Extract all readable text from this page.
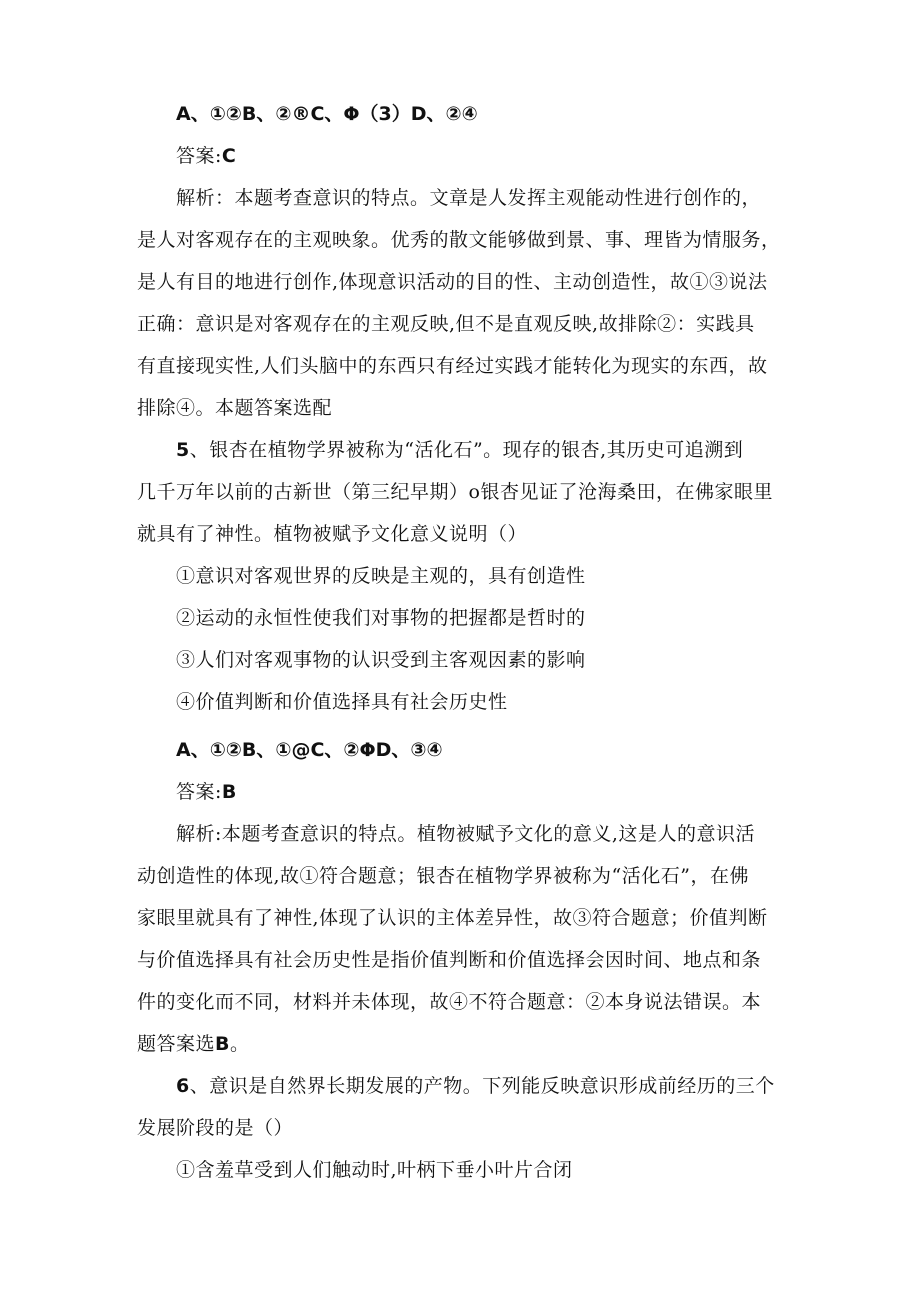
A、①②B、②®C、Φ（3）D、②④
答案:C
解析：本题考查意识的特点。文章是人发挥主观能动性进行创作的，
是人对客观存在的主观映象。优秀的散文能够做到景、事、理皆为情服务，
是人有目的地进行创作,体现意识活动的目的性、主动创造性，故①③说法
正确：意识是对客观存在的主观反映,但不是直观反映,故排除②：实践具
有直接现实性,人们头脑中的东西只有经过实践才能转化为现实的东西，故
排除④。本题答案选配
5、银杏在植物学界被称为“活化石”。现存的银杏,其历史可追溯到
几千万年以前的古新世（第三纪早期）o银杏见证了沧海桑田，在佛家眼里
就具有了神性。植物被赋予文化意义说明（）
①意识对客观世界的反映是主观的，具有创造性
②运动的永恒性使我们对事物的把握都是哲时的
③人们对客观事物的认识受到主客观因素的影响
④价值判断和价值选择具有社会历史性
A、①②B、①@C、②ΦD、③④
答案:B
解析:本题考查意识的特点。植物被赋予文化的意义,这是人的意识活
动创造性的体现,故①符合题意；银杏在植物学界被称为“活化石”，在佛
家眼里就具有了神性,体现了认识的主体差异性，故③符合题意；价值判断
与价值选择具有社会历史性是指价值判断和价值选择会因时间、地点和条
件的变化而不同，材料并未体现，故④不符合题意：②本身说法错误。本
题答案选B。
6、意识是自然界长期发展的产物。下列能反映意识形成前经历的三个
发展阶段的是（）
①含羞草受到人们触动时,叶柄下垂小叶片合闭
